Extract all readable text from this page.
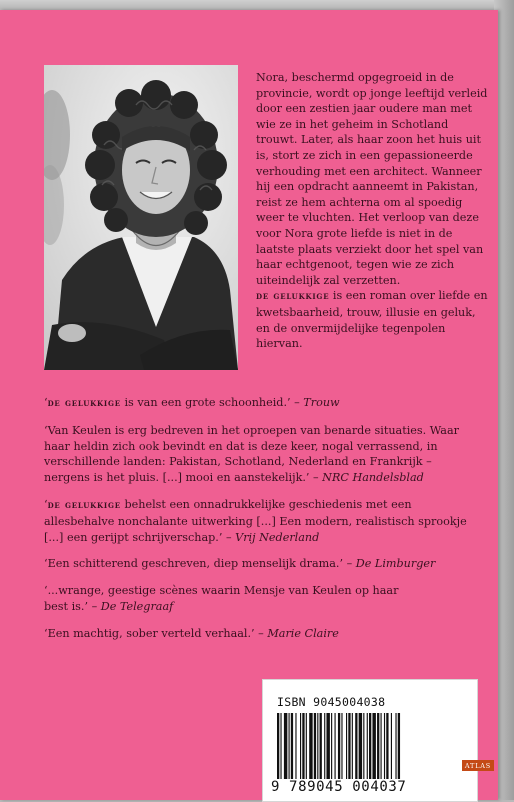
Nora, beschermd opgegroeid in de provincie, wordt op jonge leeftijd verleid door een zestien jaar oudere man met wie ze in het geheim in Schotland trouwt. Later, als haar zoon het huis uit is, stort ze zich in een gepassioneerde verhouding met een architect. Wanneer hij een opdracht aanneemt in Pakistan, reist ze hem achterna om al spoedig weer te vluchten. Het verloop van deze voor Nora grote liefde is niet in de laatste plaats verziekt door het spel van haar echtgenoot, tegen wie ze zich uiteindelijk zal verzetten.
de gelukkige is een roman over liefde en kwetsbaarheid, trouw, illusie en geluk, en de onvermijdelijke tegenpolen hiervan.

‘de gelukkige is van een grote schoonheid.’ – Trouw

‘Van Keulen is erg bedreven in het oproepen van benarde situaties. Waar haar heldin zich ook bevindt en dat is deze keer, nogal verrassend, in verschillende landen: Pakistan, Schotland, Nederland en Frankrijk – nergens is het pluis. [...] mooi en aanstekelijk.’ – NRC Handelsblad

‘de gelukkige behelst een onnadrukkelijke geschiedenis met een allesbehalve nonchalante uitwerking [...] Een modern, realistisch sprookje [...] een gerijpt schrijverschap.’ – Vrij Nederland

‘Een schitterend geschreven, diep menselijk drama.’ – De Limburger

‘...wrange, geestige scènes waarin Mensje van Keulen op haar best is.’ – De Telegraaf

‘Een machtig, sober verteld verhaal.’ – Marie Claire

ISBN 9045004038
9 789045 004037
ATLAS
